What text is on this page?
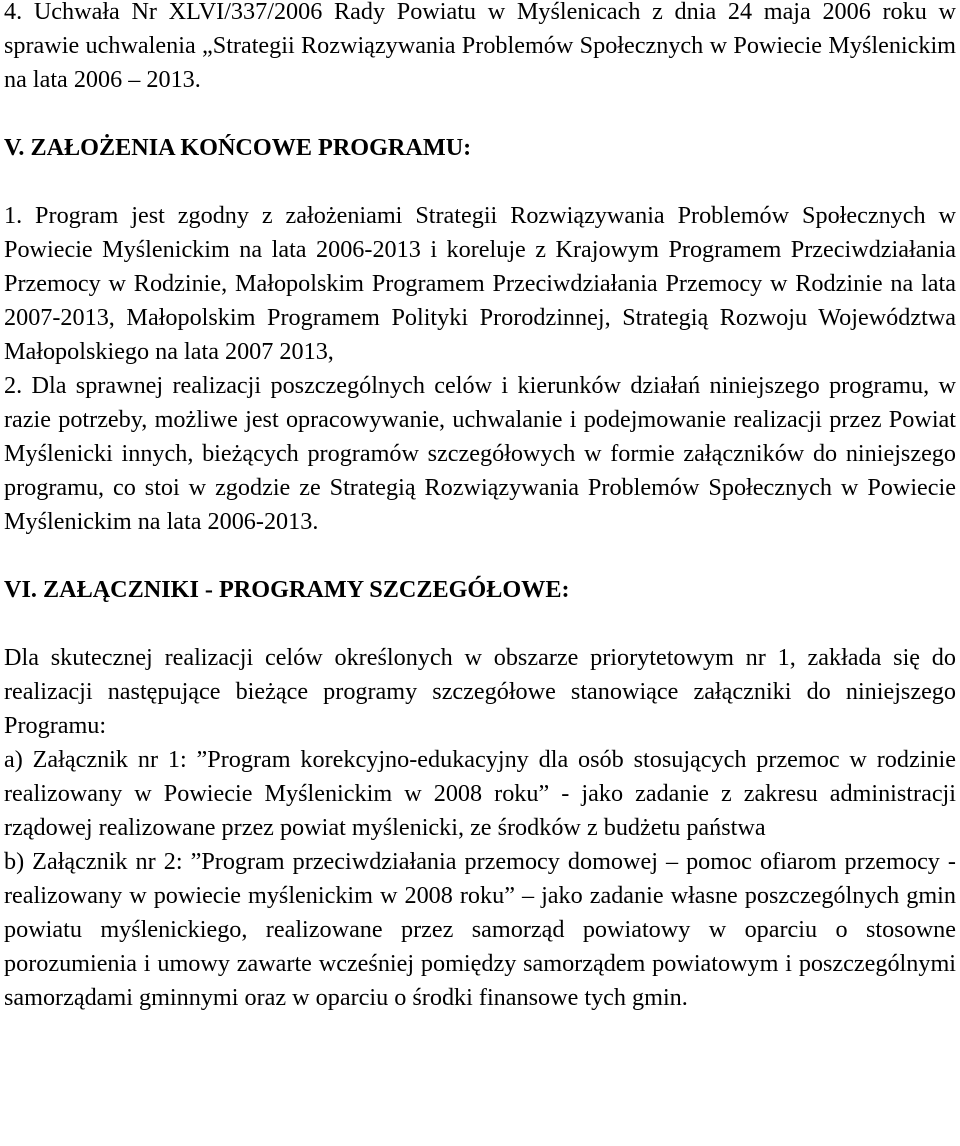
4. Uchwała Nr XLVI/337/2006 Rady Powiatu w Myślenicach z dnia 24 maja 2006 roku w sprawie uchwalenia „Strategii Rozwiązywania Problemów Społecznych w Powiecie Myślenickim na lata 2006 – 2013.

V. ZAŁOŻENIA KOŃCOWE PROGRAMU:

1. Program jest zgodny z założeniami Strategii Rozwiązywania Problemów Społecznych w Powiecie Myślenickim na lata 2006-2013 i koreluje z Krajowym Programem Przeciwdziałania Przemocy w Rodzinie, Małopolskim Programem Przeciwdziałania Przemocy w Rodzinie na lata 2007-2013, Małopolskim Programem Polityki Prorodzinnej, Strategią Rozwoju Województwa Małopolskiego na lata 2007 2013,

2. Dla sprawnej realizacji poszczególnych celów i kierunków działań niniejszego programu, w razie potrzeby, możliwe jest opracowywanie, uchwalanie i podejmowanie realizacji przez Powiat Myślenicki innych, bieżących programów szczegółowych w formie załączników do niniejszego programu, co stoi w zgodzie ze Strategią Rozwiązywania Problemów Społecznych w Powiecie Myślenickim na lata 2006-2013.

VI. ZAŁĄCZNIKI - PROGRAMY SZCZEGÓŁOWE:

Dla skutecznej realizacji celów określonych w obszarze priorytetowym nr 1, zakłada się do realizacji następujące bieżące programy szczegółowe stanowiące załączniki do niniejszego Programu:

a) Załącznik nr 1: ”Program korekcyjno-edukacyjny dla osób stosujących przemoc w rodzinie realizowany w Powiecie Myślenickim w 2008 roku” - jako zadanie z zakresu administracji rządowej realizowane przez powiat myślenicki, ze środków z budżetu państwa

b) Załącznik nr 2: ”Program przeciwdziałania przemocy domowej – pomoc ofiarom przemocy - realizowany w powiecie myślenickim w 2008 roku” – jako zadanie własne poszczególnych gmin powiatu myślenickiego, realizowane przez samorząd powiatowy w oparciu o stosowne porozumienia i umowy zawarte wcześniej pomiędzy samorządem powiatowym i poszczególnymi samorządami gminnymi oraz w oparciu o środki finansowe tych gmin.
